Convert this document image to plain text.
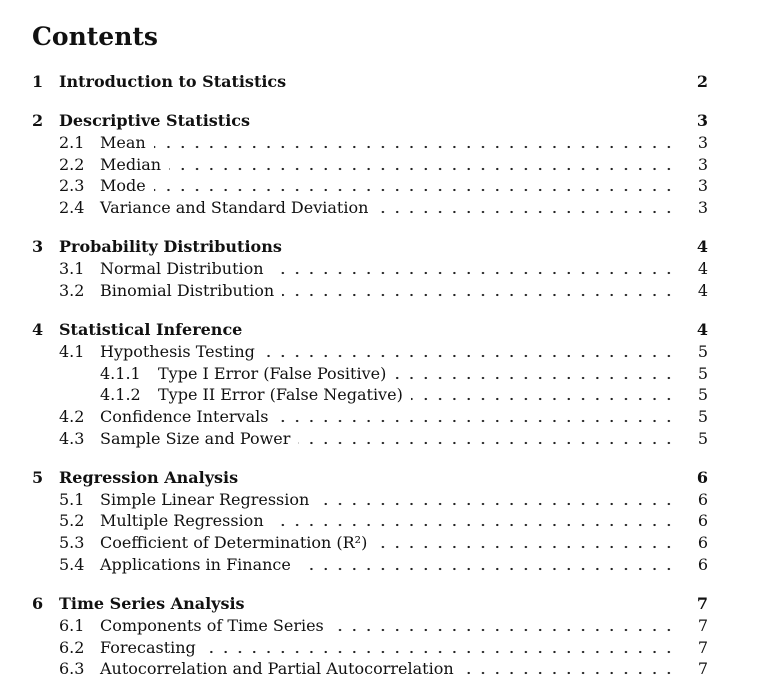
Contents
1 Introduction to Statistics	2
2 Descriptive Statistics	3
2.1 Mean	3
2.2 Median	3
2.3 Mode	3
2.4 Variance and Standard Deviation	3
3 Probability Distributions	4
3.1 Normal Distribution	4
3.2 Binomial Distribution	4
4 Statistical Inference	4
4.1 Hypothesis Testing	5
4.1.1 Type I Error (False Positive)	5
4.1.2 Type II Error (False Negative)	5
4.2 Confidence Intervals	5
4.3 Sample Size and Power	5
5 Regression Analysis	6
5.1 Simple Linear Regression	6
5.2 Multiple Regression	6
5.3 Coefficient of Determination (R²)	6
5.4 Applications in Finance	6
6 Time Series Analysis	7
6.1 Components of Time Series	7
6.2 Forecasting	7
6.3 Autocorrelation and Partial Autocorrelation	7
